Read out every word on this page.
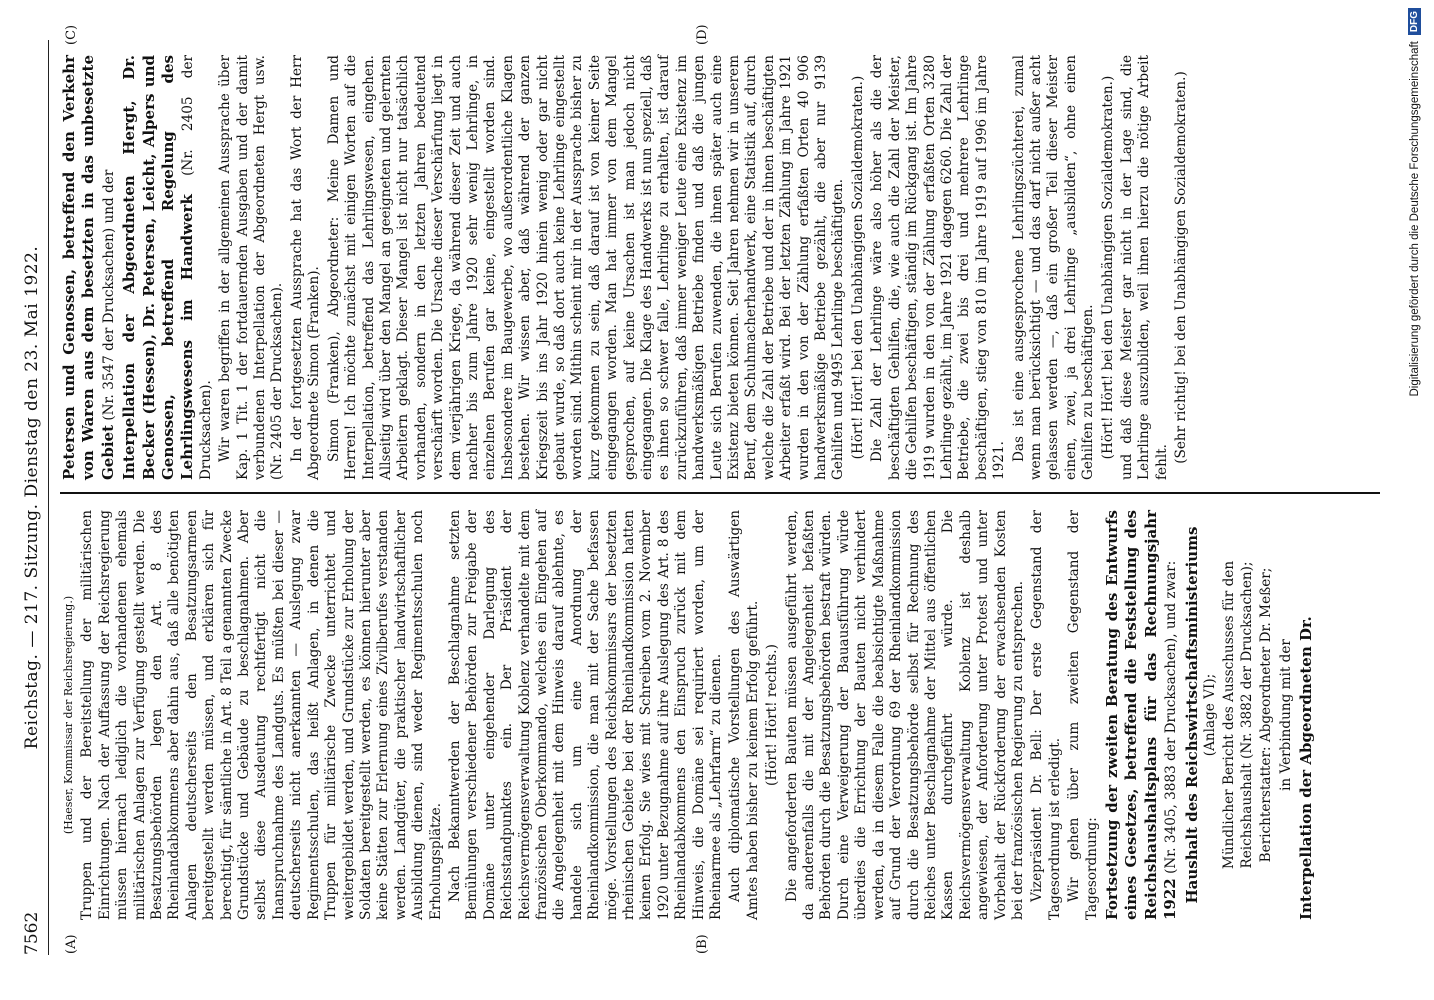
7562
Reichstag. — 217. Sitzung. Dienstag den 23. Mai 1922.
(A)	(B)
(C)	(D)

(Haeser, Kommissar der Reichsregierung.) Truppen und der Bereitstellung der militärischen Einrichtungen. Nach der Auffassung der Reichsregierung müssen hiernach lediglich die vorhandenen ehemals militärischen Anlagen zur Verfügung gestellt werden. Die Besatzungsbehörden legen den Art. 8 des Rheinlandabkommens aber dahin aus, daß alle benötigten Anlagen deutscherseits den Besatzungsarmeen bereitgestellt werden müssen, und erklären sich für berechtigt, für sämtliche in Art. 8 Teil a genannten Zwecke Grundstücke und Gebäude zu beschlagnahmen. Aber selbst diese Ausdeutung rechtfertigt nicht die Inanspruchnahme des Landguts. Es müßten bei dieser — deutscherseits nicht anerkannten — Auslegung zwar Regimentsschulen, das heißt Anlagen, in denen die Truppen für militärische Zwecke unterrichtet und weitergebildet werden, und Grundstücke zur Erholung der Soldaten bereitgestellt werden, es können hierunter aber keine Stätten zur Erlernung eines Zivilberufes verstanden werden. Landgüter, die praktischer landwirtschaftlicher Ausbildung dienen, sind weder Regimentsschulen noch Erholungsplätze. Nach Bekanntwerden der Beschlagnahme setzten Bemühungen verschiedener Behörden zur Freigabe der Domäne unter eingehender Darlegung des Reichsstandpunktes ein. Der Präsident der Reichsvermögensverwaltung Koblenz verhandelte mit dem französischen Oberkommando, welches ein Eingehen auf die Angelegenheit mit dem Hinweis darauf ablehnte, es handele sich um eine Anordnung der Rheinlandkommission, die man mit der Sache befassen möge. Vorstellungen des Reichskommissars der besetzten rheinischen Gebiete bei der Rheinlandkommission hatten keinen Erfolg. Sie wies mit Schreiben vom 2. November 1920 unter Bezugnahme auf ihre Auslegung des Art. 8 des Rheinlandabkommens den Einspruch zurück mit dem Hinweis, die Domäne sei requiriert worden, um der Rheinarmee als „Lehrfarm“ zu dienen. Auch diplomatische Vorstellungen des Auswärtigen Amtes haben bisher zu keinem Erfolg geführt. (Hört! Hört! rechts.) Die angeforderten Bauten müssen ausgeführt werden, da anderenfalls die mit der Angelegenheit befaßten Behörden durch die Besatzungsbehörden bestraft würden. Durch eine Verweigerung der Bauausführung würde überdies die Errichtung der Bauten nicht verhindert werden, da in diesem Falle die beabsichtigte Maßnahme auf Grund der Verordnung 69 der Rheinlandkommission durch die Besatzungsbehörde selbst für Rechnung des Reiches unter Beschlagnahme der Mittel aus öffentlichen Kassen durchgeführt würde. Die Reichsvermögensverwaltung Koblenz ist deshalb angewiesen, der Anforderung unter Protest und unter Vorbehalt der Rückforderung der erwachsenden Kosten bei der französischen Regierung zu entsprechen. Vizepräsident Dr. Bell: Der erste Gegenstand der Tagesordnung ist erledigt. Wir gehen über zum zweiten Gegenstand der Tagesordnung: Fortsetzung der zweiten Beratung des Entwurfs eines Gesetzes, betreffend die Feststellung des Reichshaushaltsplans für das Rechnungsjahr 1922 (Nr. 3405, 3883 der Drucksachen), und zwar: Haushalt des Reichswirtschaftsministeriums (Anlage VI); Mündlicher Bericht des Ausschusses für den Reichshaushalt (Nr. 3882 der Drucksachen); Berichterstatter: Abgeordneter Dr. Meßer; in Verbindung mit der Interpellation der Abgeordneten Dr.

Petersen und Genossen, betreffend den Verkehr von Waren aus dem besetzten in das unbesetzte Gebiet (Nr. 3547 der Drucksachen) und der Interpellation der Abgeordneten Hergt, Dr. Becker (Hessen), Dr. Petersen, Leicht, Alpers und Genossen, betreffend Regelung des Lehrlingswesens im Handwerk (Nr. 2405 der Drucksachen). Wir waren begriffen in der allgemeinen Aussprache über Kap. 1 Tit. 1 der fortdauernden Ausgaben und der damit verbundenen Interpellation der Abgeordneten Hergt usw. (Nr. 2405 der Drucksachen). In der fortgesetzten Aussprache hat das Wort der Herr Abgeordnete Simon (Franken). Simon (Franken), Abgeordneter: Meine Damen und Herren! Ich möchte zunächst mit einigen Worten auf die Interpellation, betreffend das Lehrlingswesen, eingehen. Allseitig wird über den Mangel an geeigneten und gelernten Arbeitern geklagt. Dieser Mangel ist nicht nur tatsächlich vorhanden, sondern in den letzten Jahren bedeutend verschärft worden. Die Ursache dieser Verschärfung liegt in dem vierjährigen Kriege, da während dieser Zeit und auch nachher bis zum Jahre 1920 sehr wenig Lehrlinge, in einzelnen Berufen gar keine, eingestellt worden sind. Insbesondere im Baugewerbe, wo außerordentliche Klagen bestehen. Wir wissen aber, daß während der ganzen Kriegszeit bis ins Jahr 1920 hinein wenig oder gar nicht gebaut wurde, so daß dort auch keine Lehrlinge eingestellt worden sind. Mithin scheint mir in der Aussprache bisher zu kurz gekommen zu sein, daß darauf ist von keiner Seite eingegangen worden. Man hat immer von dem Mangel gesprochen, auf keine Ursachen ist man jedoch nicht eingegangen. Die Klage des Handwerks ist nun speziell, daß es ihnen so schwer falle, Lehrlinge zu erhalten, ist darauf zurückzuführen, daß immer weniger Leute eine Existenz im handwerksmäßigen Betriebe finden und daß die jungen Leute sich Berufen zuwenden, die ihnen später auch eine Existenz bieten können. Seit Jahren nehmen wir in unserem Beruf, dem Schuhmacherhandwerk, eine Statistik auf, durch welche die Zahl der Betriebe und der in ihnen beschäftigten Arbeiter erfaßt wird. Bei der letzten Zählung im Jahre 1921 wurden in den von der Zählung erfaßten Orten 40 906 handwerksmäßige Betriebe gezählt, die aber nur 9139 Gehilfen und 9495 Lehrlinge beschäftigten. (Hört! Hört! bei den Unabhängigen Sozialdemokraten.) Die Zahl der Lehrlinge wäre also höher als die der beschäftigten Gehilfen, die, wie auch die Zahl der Meister, die Gehilfen beschäftigen, ständig im Rückgang ist. Im Jahre 1919 wurden in den von der Zählung erfaßten Orten 3280 Lehrlinge gezählt, im Jahre 1921 dagegen 6260. Die Zahl der Betriebe, die zwei bis drei und mehrere Lehrlinge beschäftigen, stieg von 810 im Jahre 1919 auf 1996 im Jahre 1921. Das ist eine ausgesprochene Lehrlingszüchterei, zumal wenn man berücksichtigt — und das darf nicht außer acht gelassen werden —, daß ein großer Teil dieser Meister einen, zwei, ja drei Lehrlinge „ausbilden“, ohne einen Gehilfen zu beschäftigen. (Hört! Hört! bei den Unabhängigen Sozialdemokraten.) und daß diese Meister gar nicht in der Lage sind, die Lehrlinge auszubilden, weil ihnen hierzu die nötige Arbeit fehlt. (Sehr richtig! bei den Unabhängigen Sozialdemokraten.)	Digitalisierung gefördert durch die Deutsche ForschungsgemeinschaftDFG
